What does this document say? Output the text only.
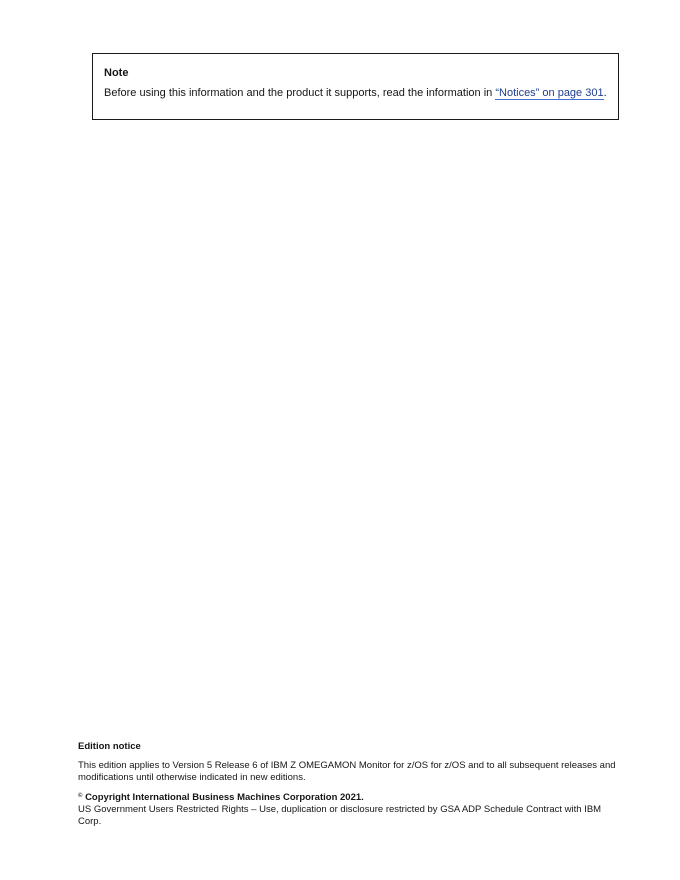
Note

Before using this information and the product it supports, read the information in “Notices” on page 301.

Edition notice

This edition applies to Version 5 Release 6 of IBM Z OMEGAMON Monitor for z/OS for z/OS and to all subsequent releases and modifications until otherwise indicated in new editions.

© Copyright International Business Machines Corporation 2021.

US Government Users Restricted Rights – Use, duplication or disclosure restricted by GSA ADP Schedule Contract with IBM Corp.
